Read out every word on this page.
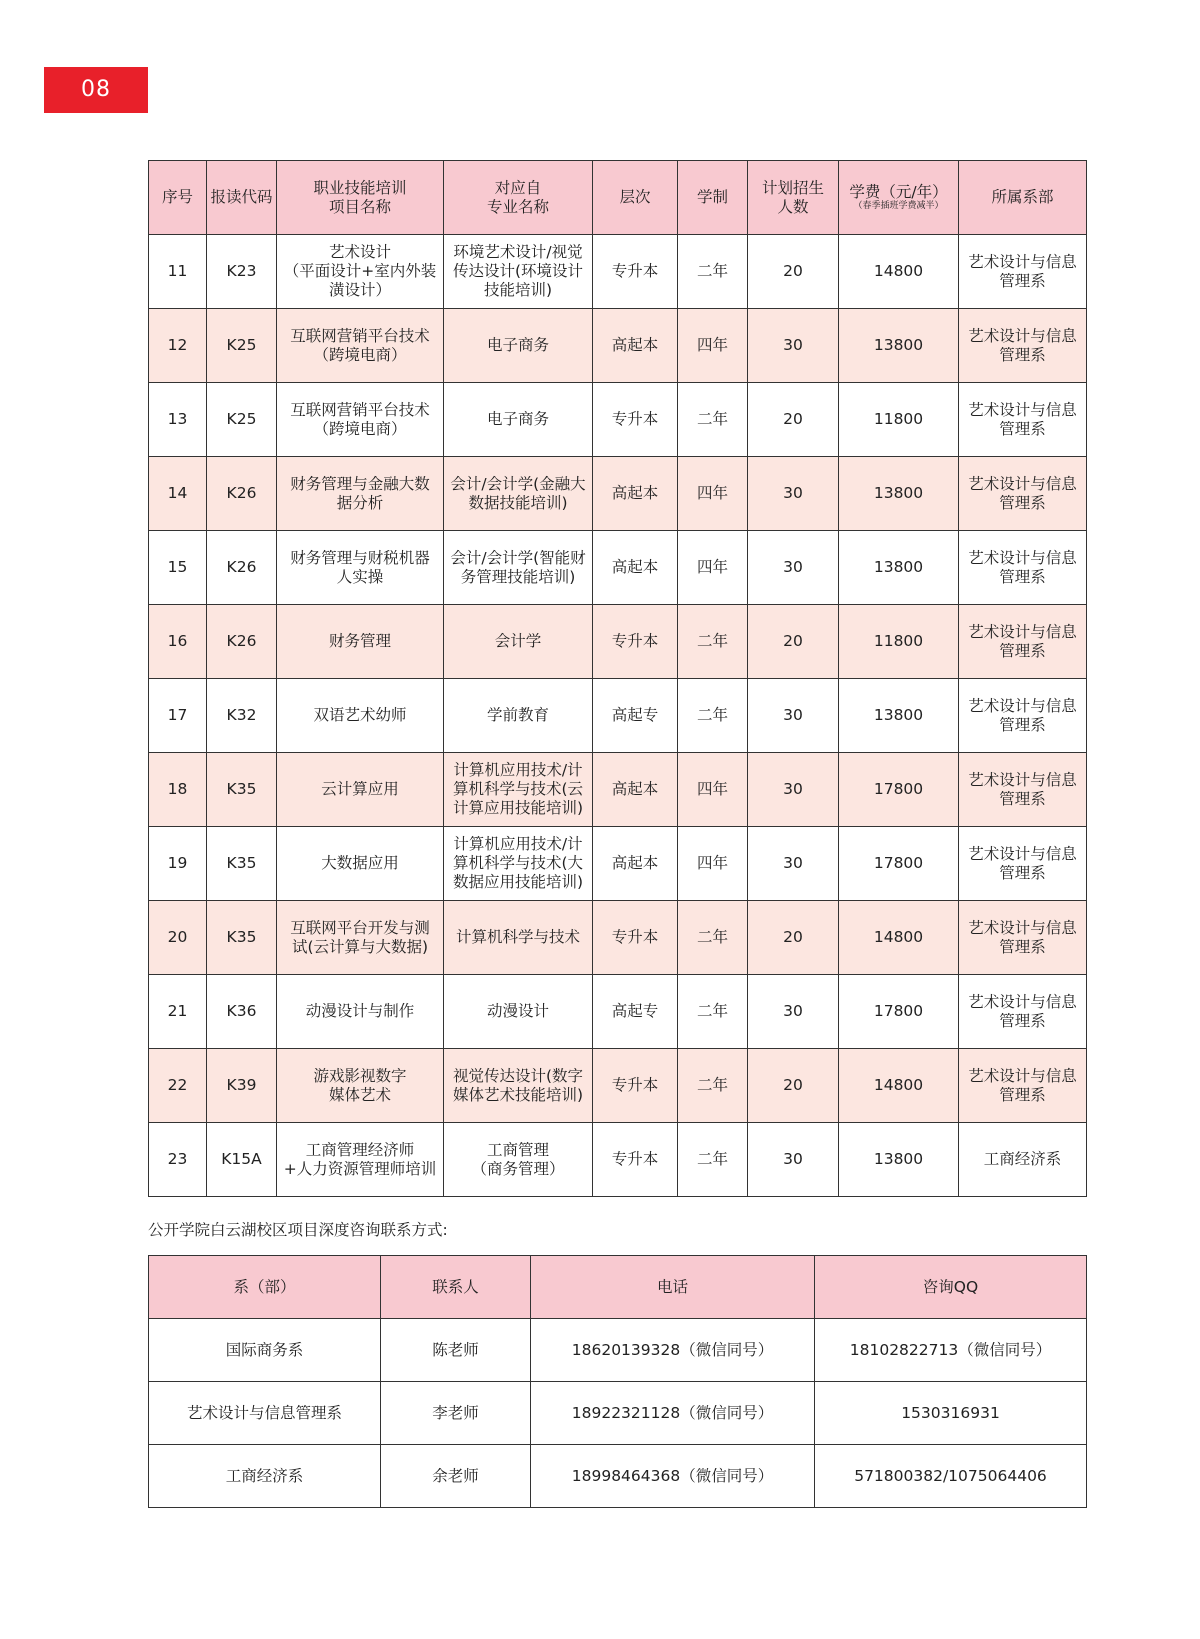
08
序号	报读代码	职业技能培训
项目名称	对应自
专业名称	层次	学制	计划招生
人数	学费（元/年）
（春季插班学费减半）	所属系部
11	K23	艺术设计
（平面设计+室内外装
潢设计）	环境艺术设计/视觉
传达设计(环境设计
技能培训)	专升本	二年	20	14800	艺术设计与信息
管理系
12	K25	互联网营销平台技术
（跨境电商）	电子商务	高起本	四年	30	13800	艺术设计与信息
管理系
13	K25	互联网营销平台技术
（跨境电商）	电子商务	专升本	二年	20	11800	艺术设计与信息
管理系
14	K26	财务管理与金融大数
据分析	会计/会计学(金融大
数据技能培训)	高起本	四年	30	13800	艺术设计与信息
管理系
15	K26	财务管理与财税机器
人实操	会计/会计学(智能财
务管理技能培训)	高起本	四年	30	13800	艺术设计与信息
管理系
16	K26	财务管理	会计学	专升本	二年	20	11800	艺术设计与信息
管理系
17	K32	双语艺术幼师	学前教育	高起专	二年	30	13800	艺术设计与信息
管理系
18	K35	云计算应用	计算机应用技术/计
算机科学与技术(云
计算应用技能培训)	高起本	四年	30	17800	艺术设计与信息
管理系
19	K35	大数据应用	计算机应用技术/计
算机科学与技术(大
数据应用技能培训)	高起本	四年	30	17800	艺术设计与信息
管理系
20	K35	互联网平台开发与测
试(云计算与大数据)	计算机科学与技术	专升本	二年	20	14800	艺术设计与信息
管理系
21	K36	动漫设计与制作	动漫设计	高起专	二年	30	17800	艺术设计与信息
管理系
22	K39	游戏影视数字
媒体艺术	视觉传达设计(数字
媒体艺术技能培训)	专升本	二年	20	14800	艺术设计与信息
管理系
23	K15A	工商管理经济师
+人力资源管理师培训	工商管理
（商务管理）	专升本	二年	30	13800	工商经济系

公开学院白云湖校区项目深度咨询联系方式:

系（部）	联系人	电话	咨询QQ
国际商务系	陈老师	18620139328（微信同号）	18102822713（微信同号）
艺术设计与信息管理系	李老师	18922321128（微信同号）	1530316931
工商经济系	余老师	18998464368（微信同号）	571800382/1075064406
